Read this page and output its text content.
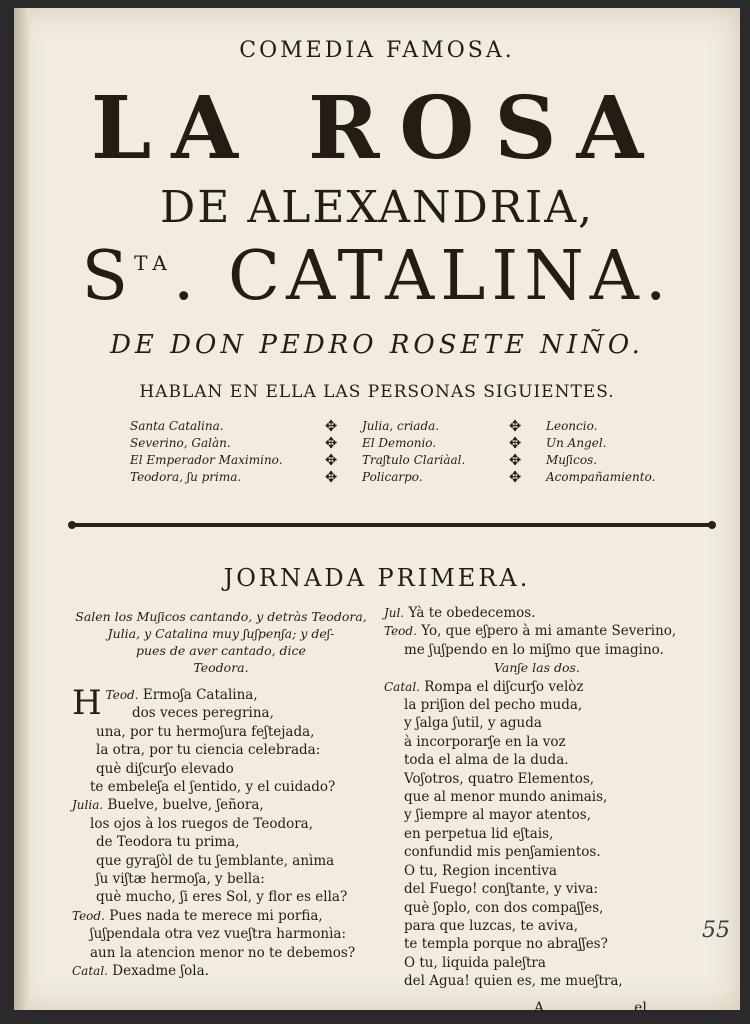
COMEDIA FAMOSA.
LA ROSA
DE ALEXANDRIA,
$S^{TA}$. CATALINA.
DE DON PEDRO ROSETE NIÑO.
HABLAN EN ELLA LAS PERSONAS SIGUIENTES.
Santa Catalina.
Severino, Galàn.
El Emperador Maximino.
Teodora, ʃu prima.
✥
✥
✥
✥
Julia, criada.
El Demonio.
Traʃtulo Clariàal.
Policarpo.
✥
✥
✥
✥
Leoncio.
Un Angel.
Muʃicos.
Acompañamiento.
JORNADA PRIMERA.
Salen los Muʃicos cantando, y detràs Teodora,
Julia, y Catalina muy ʃuʃpenʃa; y deʃ-
pues de aver cantado, dice
Teodora.
Teod.
H	Ermoʃa Catalina,
dos veces peregrina,
una, por tu hermoʃura feʃtejada,
la otra, por tu ciencia celebrada:
què diʃcurʃo elevado
te embeleʃa el ʃentido, y el cuidado?
Julia. Buelve, buelve, ʃeñora,
los ojos à los ruegos de Teodora,
de Teodora tu prima,
que gyraʃòl de tu ʃemblante, anìma
ʃu viʃtæ hermoʃa, y bella:
què mucho, ʃi eres Sol, y flor es ella?
Teod. Pues nada te merece mi porfia,
ʃuʃpendala otra vez vueʃtra harmonìa:
aun la atencion menor no te debemos?
Catal. Dexadme ʃola.
Jul. Yà te obedecemos.
Teod. Yo, que eʃpero à mi amante Severino,
me ʃuʃpendo en lo miʃmo que imagino.
Vanʃe las dos.
Catal. Rompa el diʃcurʃo velòz
la priʃion del pecho muda,
y ʃalga ʃutil, y aguda
à incorporarʃe en la voz
toda el alma de la duda.
Voʃotros, quatro Elementos,
que al menor mundo animais,
y ʃiempre al mayor atentos,
en perpetua lid eʃtais,
confundid mis penʃamientos.
O tu, Region incentiva
del Fuego! conʃtante, y viva:
què ʃoplo, con dos compaʃʃes,
para que luzcas, te aviva,
te templa porque no abraʃʃes?
O tu, liquida paleʃtra
del Agua! quien es, me mueʃtra,
55
A	el
